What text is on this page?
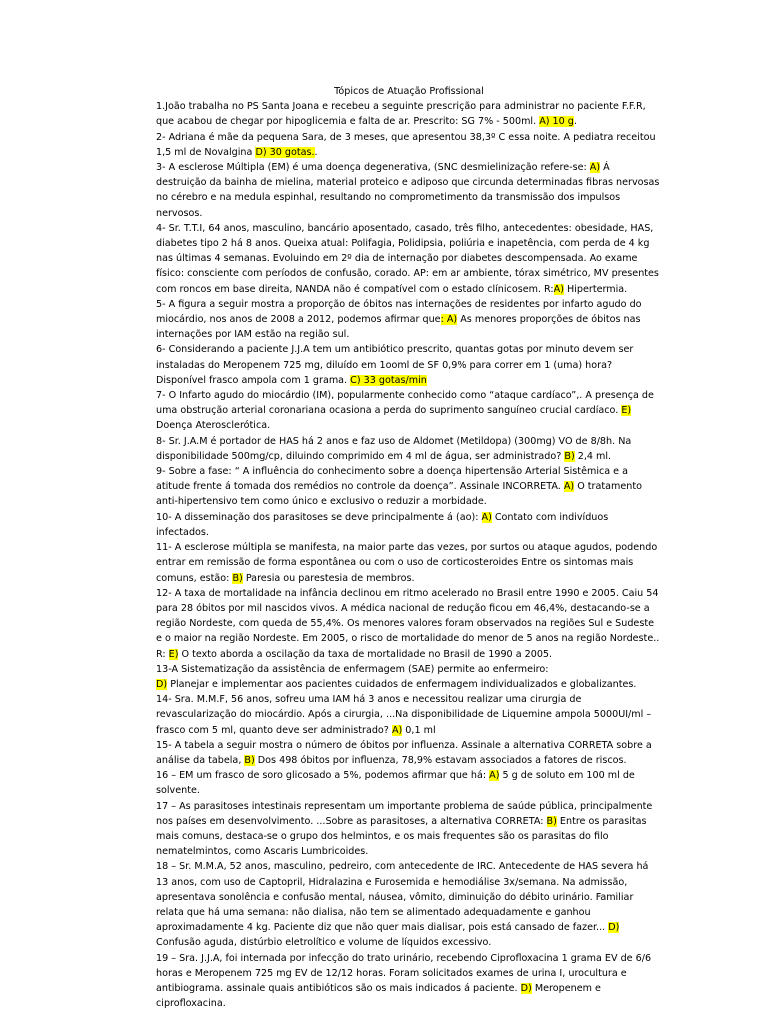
Tópicos de Atuação Profissional

1.João trabalha no PS Santa Joana e recebeu a seguinte prescrição para administrar no paciente F.F.R, que acabou de chegar por hipoglicemia e falta de ar. Prescrito: SG 7% - 500ml. A) 10 g.

2- Adriana é mãe da pequena Sara, de 3 meses, que apresentou 38,3º C essa noite. A pediatra receitou 1,5 ml de Novalgina D) 30 gotas..

3- A esclerose Múltipla (EM) é uma doença degenerativa, (SNC desmielinização refere-se: A) Á destruição da bainha de mielina, material proteico e adiposo que circunda determinadas fibras nervosas no cérebro e na medula espinhal, resultando no comprometimento da transmissão dos impulsos nervosos.

4- Sr. T.T.I, 64 anos, masculino, bancário aposentado, casado, três filho, antecedentes: obesidade, HAS, diabetes tipo 2 há 8 anos. Queixa atual: Polifagia, Polidipsia, poliúria e inapetência, com perda de 4 kg nas últimas 4 semanas. Evoluindo em 2º dia de internação por diabetes descompensada. Ao exame físico: consciente com períodos de confusão, corado. AP: em ar ambiente, tórax simétrico, MV presentes com roncos em base direita, NANDA não é compatível com o estado clínicosem. R:A) Hipertermia.

5- A figura a seguir mostra a proporção de óbitos nas internações de residentes por infarto agudo do miocárdio, nos anos de 2008 a 2012, podemos afirmar que: A) As menores proporções de óbitos nas internações por IAM estão na região sul.

6- Considerando a paciente J.J.A tem um antibiótico prescrito, quantas gotas por minuto devem ser instaladas do Meropenem 725 mg, diluído em 1ooml de SF 0,9% para correr em 1 (uma) hora? Disponível frasco ampola com 1 grama. C) 33 gotas/min

7- O Infarto agudo do miocárdio (IM), popularmente conhecido como “ataque cardíaco”,. A presença de uma obstrução arterial coronariana ocasiona a perda do suprimento sanguíneo crucial cardíaco. E) Doença Aterosclerótica.

8- Sr. J.A.M é portador de HAS há 2 anos e faz uso de Aldomet (Metildopa) (300mg) VO de 8/8h. Na disponibilidade 500mg/cp, diluindo comprimido em 4 ml de água, ser administrado? B) 2,4 ml.

9- Sobre a fase: “ A influência do conhecimento sobre a doença hipertensão Arterial Sistêmica e a atitude frente á tomada dos remédios no controle da doença”. Assinale INCORRETA. A) O tratamento anti-hipertensivo tem como único e exclusivo o reduzir a morbidade.

10- A disseminação dos parasitoses se deve principalmente á (ao): A) Contato com indivíduos infectados.

11- A esclerose múltipla se manifesta, na maior parte das vezes, por surtos ou ataque agudos, podendo entrar em remissão de forma espontânea ou com o uso de corticosteroides Entre os sintomas mais comuns, estão: B) Paresia ou parestesia de membros.

12- A taxa de mortalidade na infância declinou em ritmo acelerado no Brasil entre 1990 e 2005. Caiu 54 para 28 óbitos por mil nascidos vivos. A médica nacional de redução ficou em 46,4%, destacando-se a região Nordeste, com queda de 55,4%. Os menores valores foram observados na regiões Sul e Sudeste e o maior na região Nordeste. Em 2005, o risco de mortalidade do menor de 5 anos na região Nordeste..

R: E) O texto aborda a oscilação da taxa de mortalidade no Brasil de 1990 a 2005.

13-A Sistematização da assistência de enfermagem (SAE) permite ao enfermeiro:

D) Planejar e implementar aos pacientes cuidados de enfermagem individualizados e globalizantes.

14- Sra. M.M.F, 56 anos, sofreu uma IAM há 3 anos e necessitou realizar uma cirurgia de revascularização do miocárdio. Após a cirurgia, ...Na disponibilidade de Liquemine ampola 5000UI/ml – frasco com 5 ml, quanto deve ser administrado? A) 0,1 ml

15- A tabela a seguir mostra o número de óbitos por influenza. Assinale a alternativa CORRETA sobre a análise da tabela, B) Dos 498 óbitos por influenza, 78,9% estavam associados a fatores de riscos.

16 – EM um frasco de soro glicosado a 5%, podemos afirmar que há: A) 5 g de soluto em 100 ml de solvente.

17 – As parasitoses intestinais representam um importante problema de saúde pública, principalmente nos países em desenvolvimento. ...Sobre as parasitoses, a alternativa CORRETA: B) Entre os parasitas mais comuns, destaca-se o grupo dos helmintos, e os mais frequentes são os parasitas do filo nematelmintos, como Ascaris Lumbricoides.

18 – Sr. M.M.A, 52 anos, masculino, pedreiro, com antecedente de IRC. Antecedente de HAS severa há 13 anos, com uso de Captopril, Hidralazina e Furosemida e hemodiálise 3x/semana. Na admissão, apresentava sonolência e confusão mental, náusea, vômito, diminuição do débito urinário. Familiar relata que há uma semana: não dialisa, não tem se alimentado adequadamente e ganhou aproximadamente 4 kg. Paciente diz que não quer mais dialisar, pois está cansado de fazer... D) Confusão aguda, distúrbio eletrolítico e volume de líquidos excessivo.

19 – Sra. J.J.A, foi internada por infecção do trato urinário, recebendo Ciprofloxacina 1 grama EV de 6/6 horas e Meropenem 725 mg EV de 12/12 horas. Foram solicitados exames de urina I, urocultura e antibiograma. assinale quais antibióticos são os mais indicados á paciente. D) Meropenem e ciprofloxacina.
